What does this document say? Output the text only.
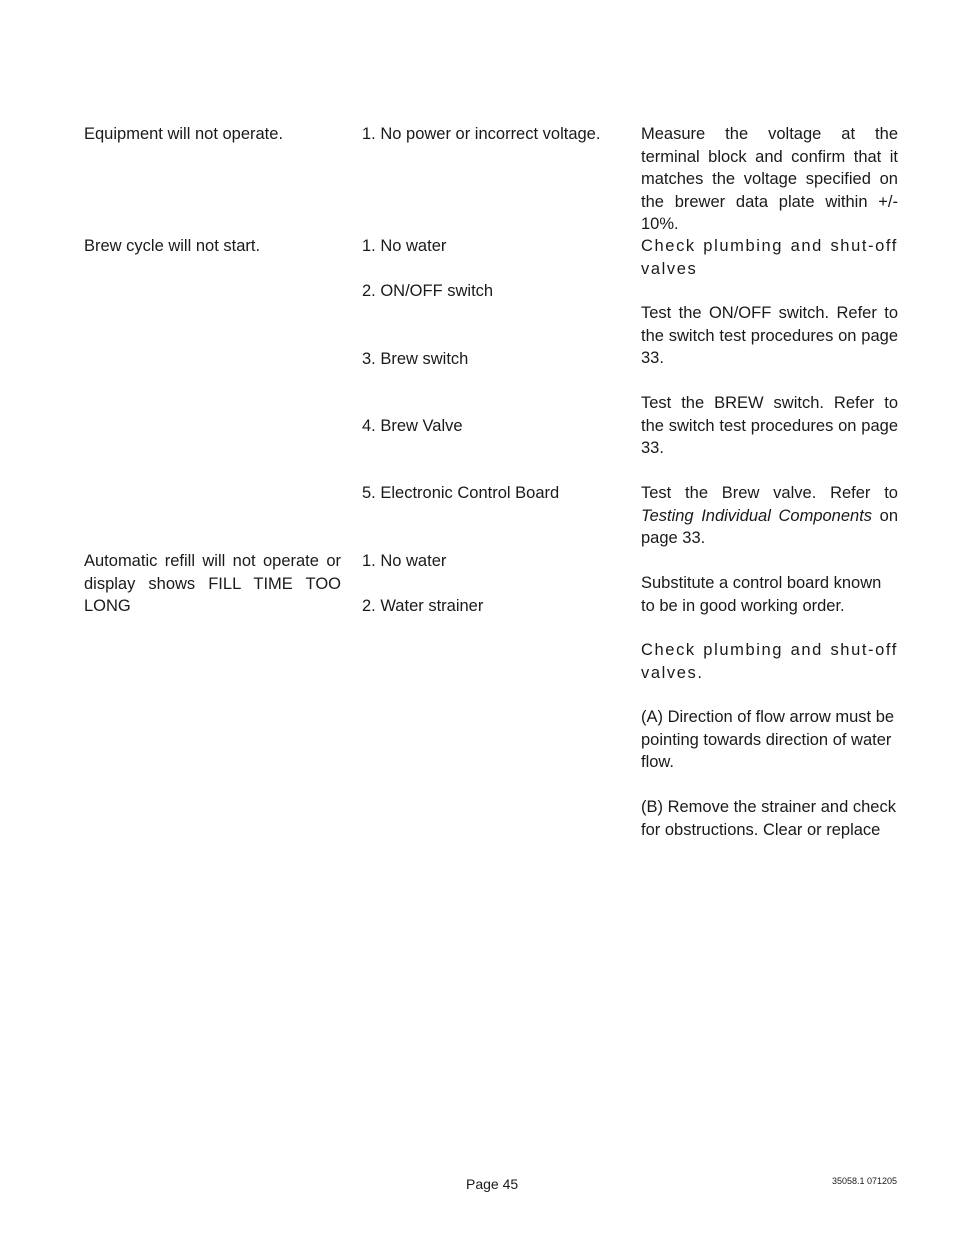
Equipment will not operate.

Brew cycle will not start.

Automatic refill will not operate or display shows FILL TIME TOO LONG

1. No power or incorrect voltage.

1. No water

2. ON/OFF switch

3. Brew switch

4. Brew Valve

5. Electronic Control Board

1. No water

2. Water strainer

Measure the voltage at the terminal block and confirm that it matches the voltage specified on the brewer data plate within +/- 10%.

Check plumbing and shut-off valves

Test the ON/OFF switch. Refer to the switch test procedures on page 33.

Test the BREW switch. Refer to the switch test procedures on page 33.

Test the Brew valve. Refer to Testing Individual Components on page 33.

Substitute a control board known to be in good working order.

Check plumbing and shut-off valves.

(A) Direction of flow arrow must be pointing towards direction of water flow.

(B) Remove the strainer and check for obstructions. Clear or replace

Page 45	35058.1 071205
